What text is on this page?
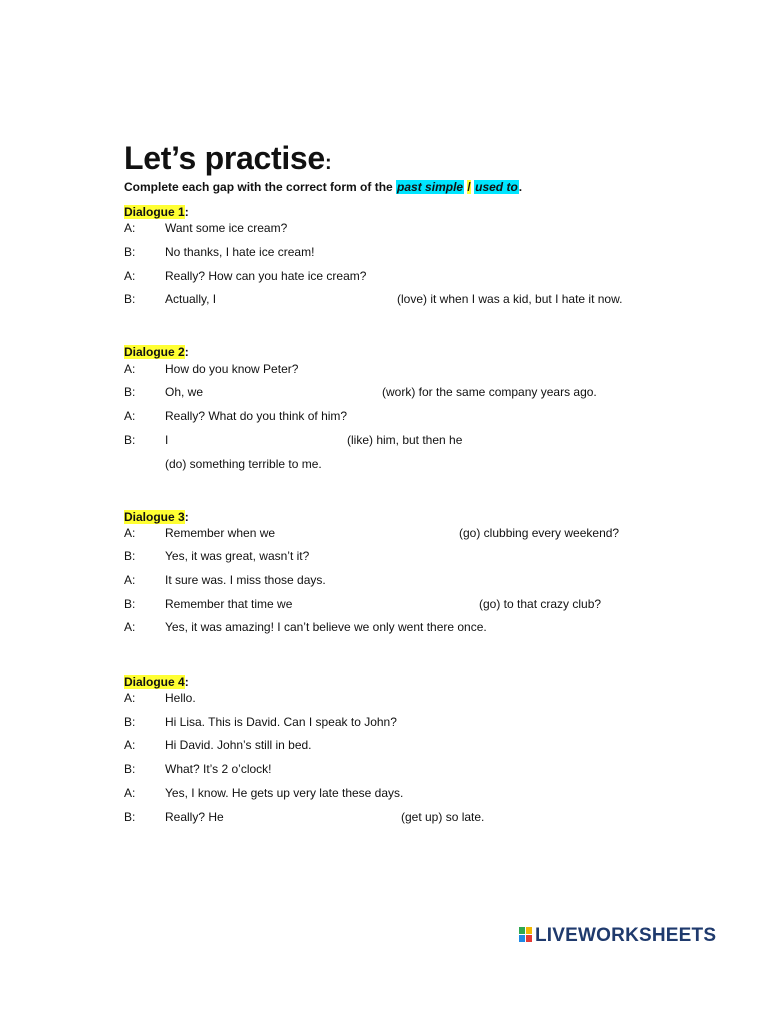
Let’s practise:
Complete each gap with the correct form of the past simple / used to.
Dialogue 1:
A: Want some ice cream?
B: No thanks, I hate ice cream!
A: Really? How can you hate ice cream?
B: Actually, I	(love) it when I was a kid, but I hate it now.
Dialogue 2:
A: How do you know Peter?
B: Oh, we	(work) for the same company years ago.
A: Really? What do you think of him?
B: I	(like) him, but then he
(do) something terrible to me.
Dialogue 3:
A: Remember when we	(go) clubbing every weekend?
B: Yes, it was great, wasn’t it?
A: It sure was. I miss those days.
B: Remember that time we	(go) to that crazy club?
A: Yes, it was amazing! I can’t believe we only went there once.
Dialogue 4:
A: Hello.
B: Hi Lisa. This is David. Can I speak to John?
A: Hi David. John’s still in bed.
B: What? It’s 2 o’clock!
A: Yes, I know. He gets up very late these days.
B: Really? He	(get up) so late.
LIVEWORKSHEETS
